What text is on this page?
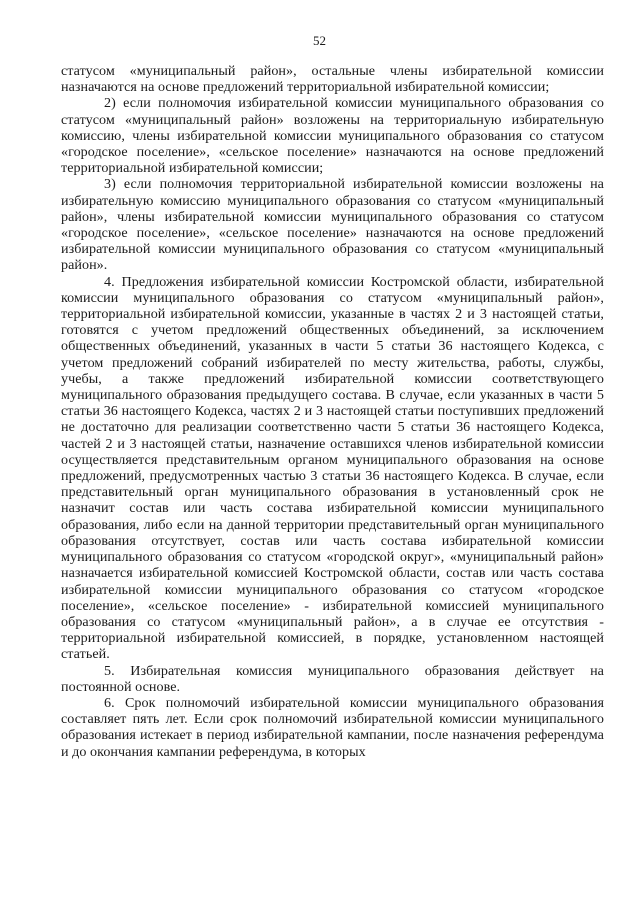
52

статусом «муниципальный район», остальные члены избирательной комиссии назначаются на основе предложений территориальной избирательной комиссии;

2) если полномочия избирательной комиссии муниципального образования со статусом «муниципальный район» возложены на территориальную избирательную комиссию, члены избирательной комиссии муниципального образования со статусом «городское поселение», «сельское поселение» назначаются на основе предложений территориальной избирательной комиссии;

3) если полномочия территориальной избирательной комиссии возложены на избирательную комиссию муниципального образования со статусом «муниципальный район», члены избирательной комиссии муниципального образования со статусом «городское поселение», «сельское поселение» назначаются на основе предложений избирательной комиссии муниципального образования со статусом «муниципальный район».

4. Предложения избирательной комиссии Костромской области, избирательной комиссии муниципального образования со статусом «муниципальный район», территориальной избирательной комиссии, указанные в частях 2 и 3 настоящей статьи, готовятся с учетом предложений общественных объединений, за исключением общественных объединений, указанных в части 5 статьи 36 настоящего Кодекса, с учетом предложений собраний избирателей по месту жительства, работы, службы, учебы, а также предложений избирательной комиссии соответствующего муниципального образования предыдущего состава. В случае, если указанных в части 5 статьи 36 настоящего Кодекса, частях 2 и 3 настоящей статьи поступивших предложений не достаточно для реализации соответственно части 5 статьи 36 настоящего Кодекса, частей 2 и 3 настоящей статьи, назначение оставшихся членов избирательной комиссии осуществляется представительным органом муниципального образования на основе предложений, предусмотренных частью 3 статьи 36 настоящего Кодекса. В случае, если представительный орган муниципального образования в установленный срок не назначит состав или часть состава избирательной комиссии муниципального образования, либо если на данной территории представительный орган муниципального образования отсутствует, состав или часть состава избирательной комиссии муниципального образования со статусом «городской округ», «муниципальный район» назначается избирательной комиссией Костромской области, состав или часть состава избирательной комиссии муниципального образования со статусом «городское поселение», «сельское поселение» - избирательной комиссией муниципального образования со статусом «муниципальный район», а в случае ее отсутствия - территориальной избирательной комиссией, в порядке, установленном настоящей статьей.

5. Избирательная комиссия муниципального образования действует на постоянной основе.

6. Срок полномочий избирательной комиссии муниципального образования составляет пять лет. Если срок полномочий избирательной комиссии муниципального образования истекает в период избирательной кампании, после назначения референдума и до окончания кампании референдума, в которых
